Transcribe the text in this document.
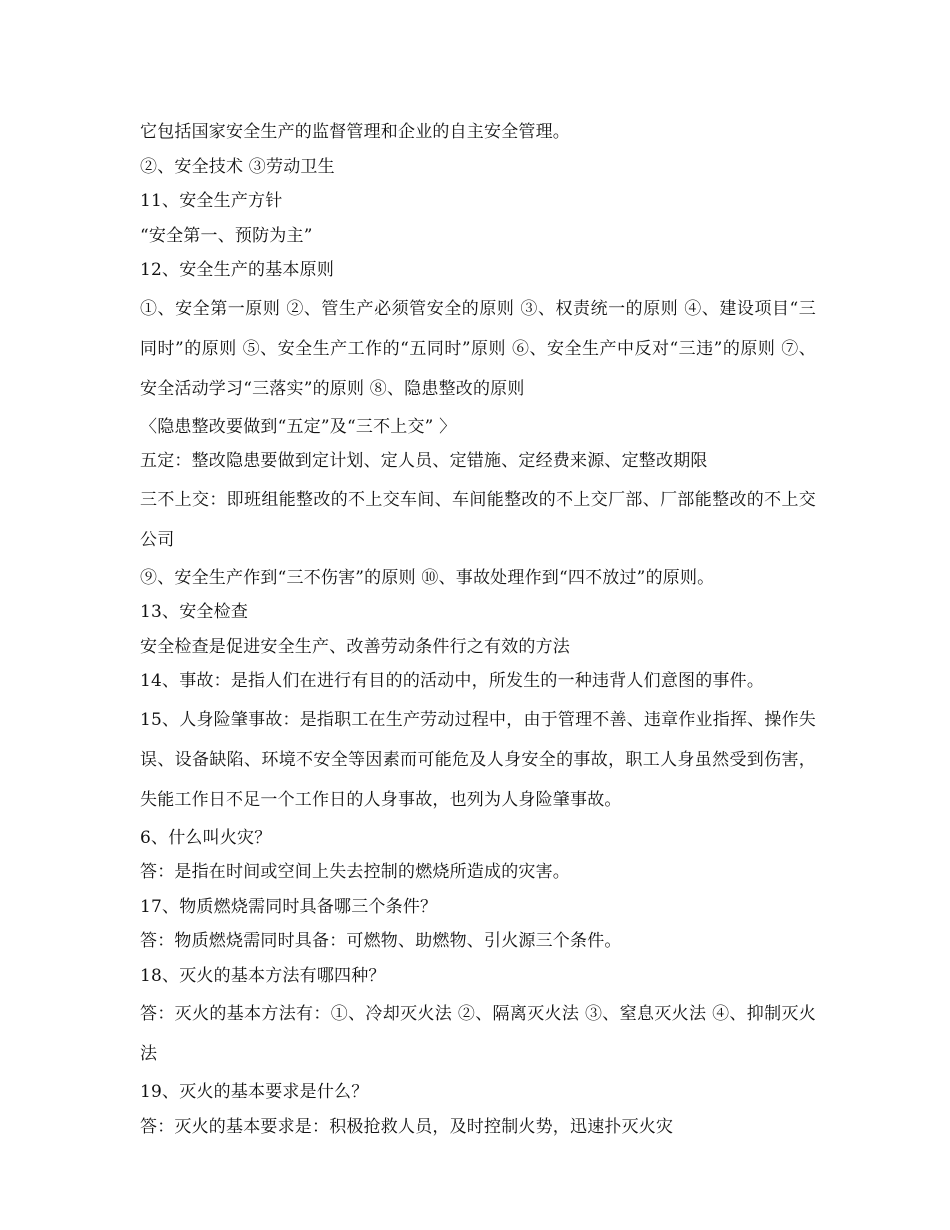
它包括国家安全生产的监督管理和企业的自主安全管理。
②、安全技术 ③劳动卫生
11、安全生产方针
“安全第一、预防为主”
12、安全生产的基本原则
①、安全第一原则 ②、管生产必须管安全的原则 ③、权责统一的原则 ④、建设项目“三同时”的原则 ⑤、安全生产工作的“五同时”原则 ⑥、安全生产中反对“三违”的原则 ⑦、安全活动学习“三落实”的原则 ⑧、隐患整改的原则
〈隐患整改要做到“五定”及“三不上交” 〉
五定：整改隐患要做到定计划、定人员、定错施、定经费来源、定整改期限
三不上交：即班组能整改的不上交车间、车间能整改的不上交厂部、厂部能整改的不上交公司
⑨、安全生产作到“三不伤害”的原则 ⑩、事故处理作到“四不放过”的原则。
13、安全检查
安全检查是促进安全生产、改善劳动条件行之有效的方法
14、事故：是指人们在进行有目的的活动中，所发生的一种违背人们意图的事件。
15、人身险肇事故：是指职工在生产劳动过程中，由于管理不善、违章作业指挥、操作失误、设备缺陷、环境不安全等因素而可能危及人身安全的事故，职工人身虽然受到伤害，失能工作日不足一个工作日的人身事故，也列为人身险肇事故。
6、什么叫火灾？
答：是指在时间或空间上失去控制的燃烧所造成的灾害。
17、物质燃烧需同时具备哪三个条件？
答：物质燃烧需同时具备：可燃物、助燃物、引火源三个条件。
18、灭火的基本方法有哪四种？
答：灭火的基本方法有：①、冷却灭火法 ②、隔离灭火法 ③、窒息灭火法 ④、抑制灭火法
19、灭火的基本要求是什么？
答：灭火的基本要求是：积极抢救人员，及时控制火势，迅速扑灭火灾
